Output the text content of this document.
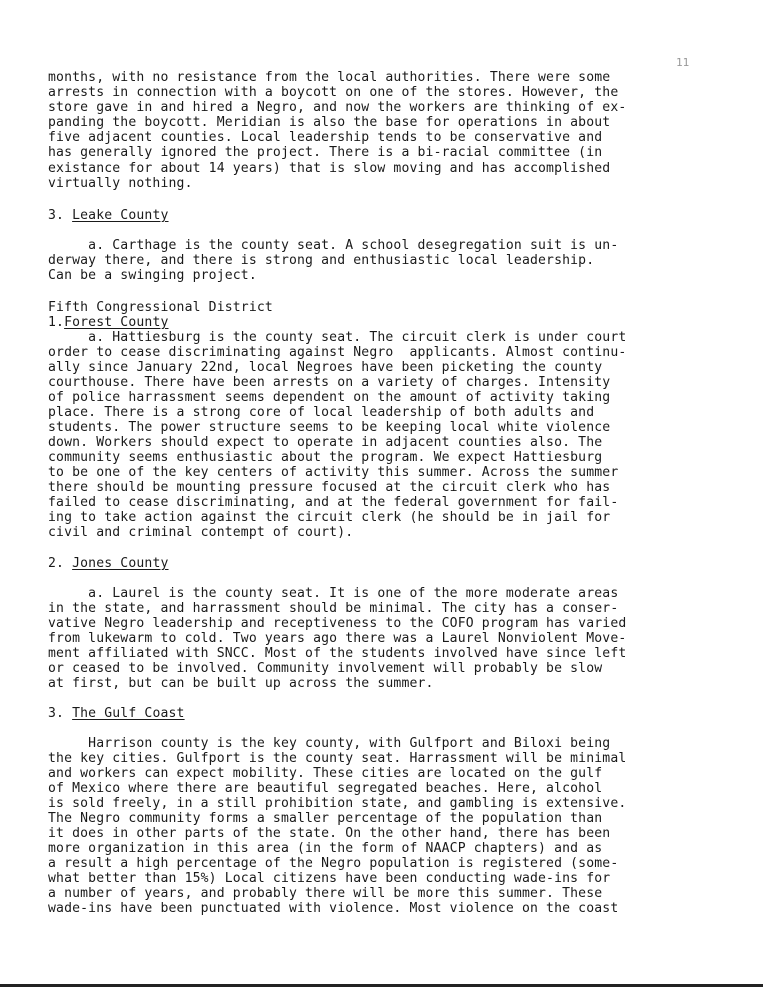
11
months, with no resistance from the local authorities. There were some
arrests in connection with a boycott on one of the stores. However, the
store gave in and hired a Negro, and now the workers are thinking of ex-
panding the boycott. Meridian is also the base for operations in about
five adjacent counties. Local leadership tends to be conservative and
has generally ignored the project. There is a bi-racial committee (in
existance for about 14 years) that is slow moving and has accomplished
virtually nothing.
3. Leake County
a. Carthage is the county seat. A school desegregation suit is un-
derway there, and there is strong and enthusiastic local leadership.
Can be a swinging project.
Fifth Congressional District
1.Forest County
a. Hattiesburg is the county seat. The circuit clerk is under court
order to cease discriminating against Negro  applicants. Almost continu-
ally since January 22nd, local Negroes have been picketing the county
courthouse. There have been arrests on a variety of charges. Intensity
of police harrassment seems dependent on the amount of activity taking
place. There is a strong core of local leadership of both adults and
students. The power structure seems to be keeping local white violence
down. Workers should expect to operate in adjacent counties also. The
community seems enthusiastic about the program. We expect Hattiesburg
to be one of the key centers of activity this summer. Across the summer
there should be mounting pressure focused at the circuit clerk who has
failed to cease discriminating, and at the federal government for fail-
ing to take action against the circuit clerk (he should be in jail for
civil and criminal contempt of court).
2. Jones County
a. Laurel is the county seat. It is one of the more moderate areas
in the state, and harrassment should be minimal. The city has a conser-
vative Negro leadership and receptiveness to the COFO program has varied
from lukewarm to cold. Two years ago there was a Laurel Nonviolent Move-
ment affiliated with SNCC. Most of the students involved have since left
or ceased to be involved. Community involvement will probably be slow
at first, but can be built up across the summer.
3. The Gulf Coast
Harrison county is the key county, with Gulfport and Biloxi being
the key cities. Gulfport is the county seat. Harrassment will be minimal
and workers can expect mobility. These cities are located on the gulf
of Mexico where there are beautiful segregated beaches. Here, alcohol
is sold freely, in a still prohibition state, and gambling is extensive.
The Negro community forms a smaller percentage of the population than
it does in other parts of the state. On the other hand, there has been
more organization in this area (in the form of NAACP chapters) and as
a result a high percentage of the Negro population is registered (some-
what better than 15%) Local citizens have been conducting wade-ins for
a number of years, and probably there will be more this summer. These
wade-ins have been punctuated with violence. Most violence on the coast
